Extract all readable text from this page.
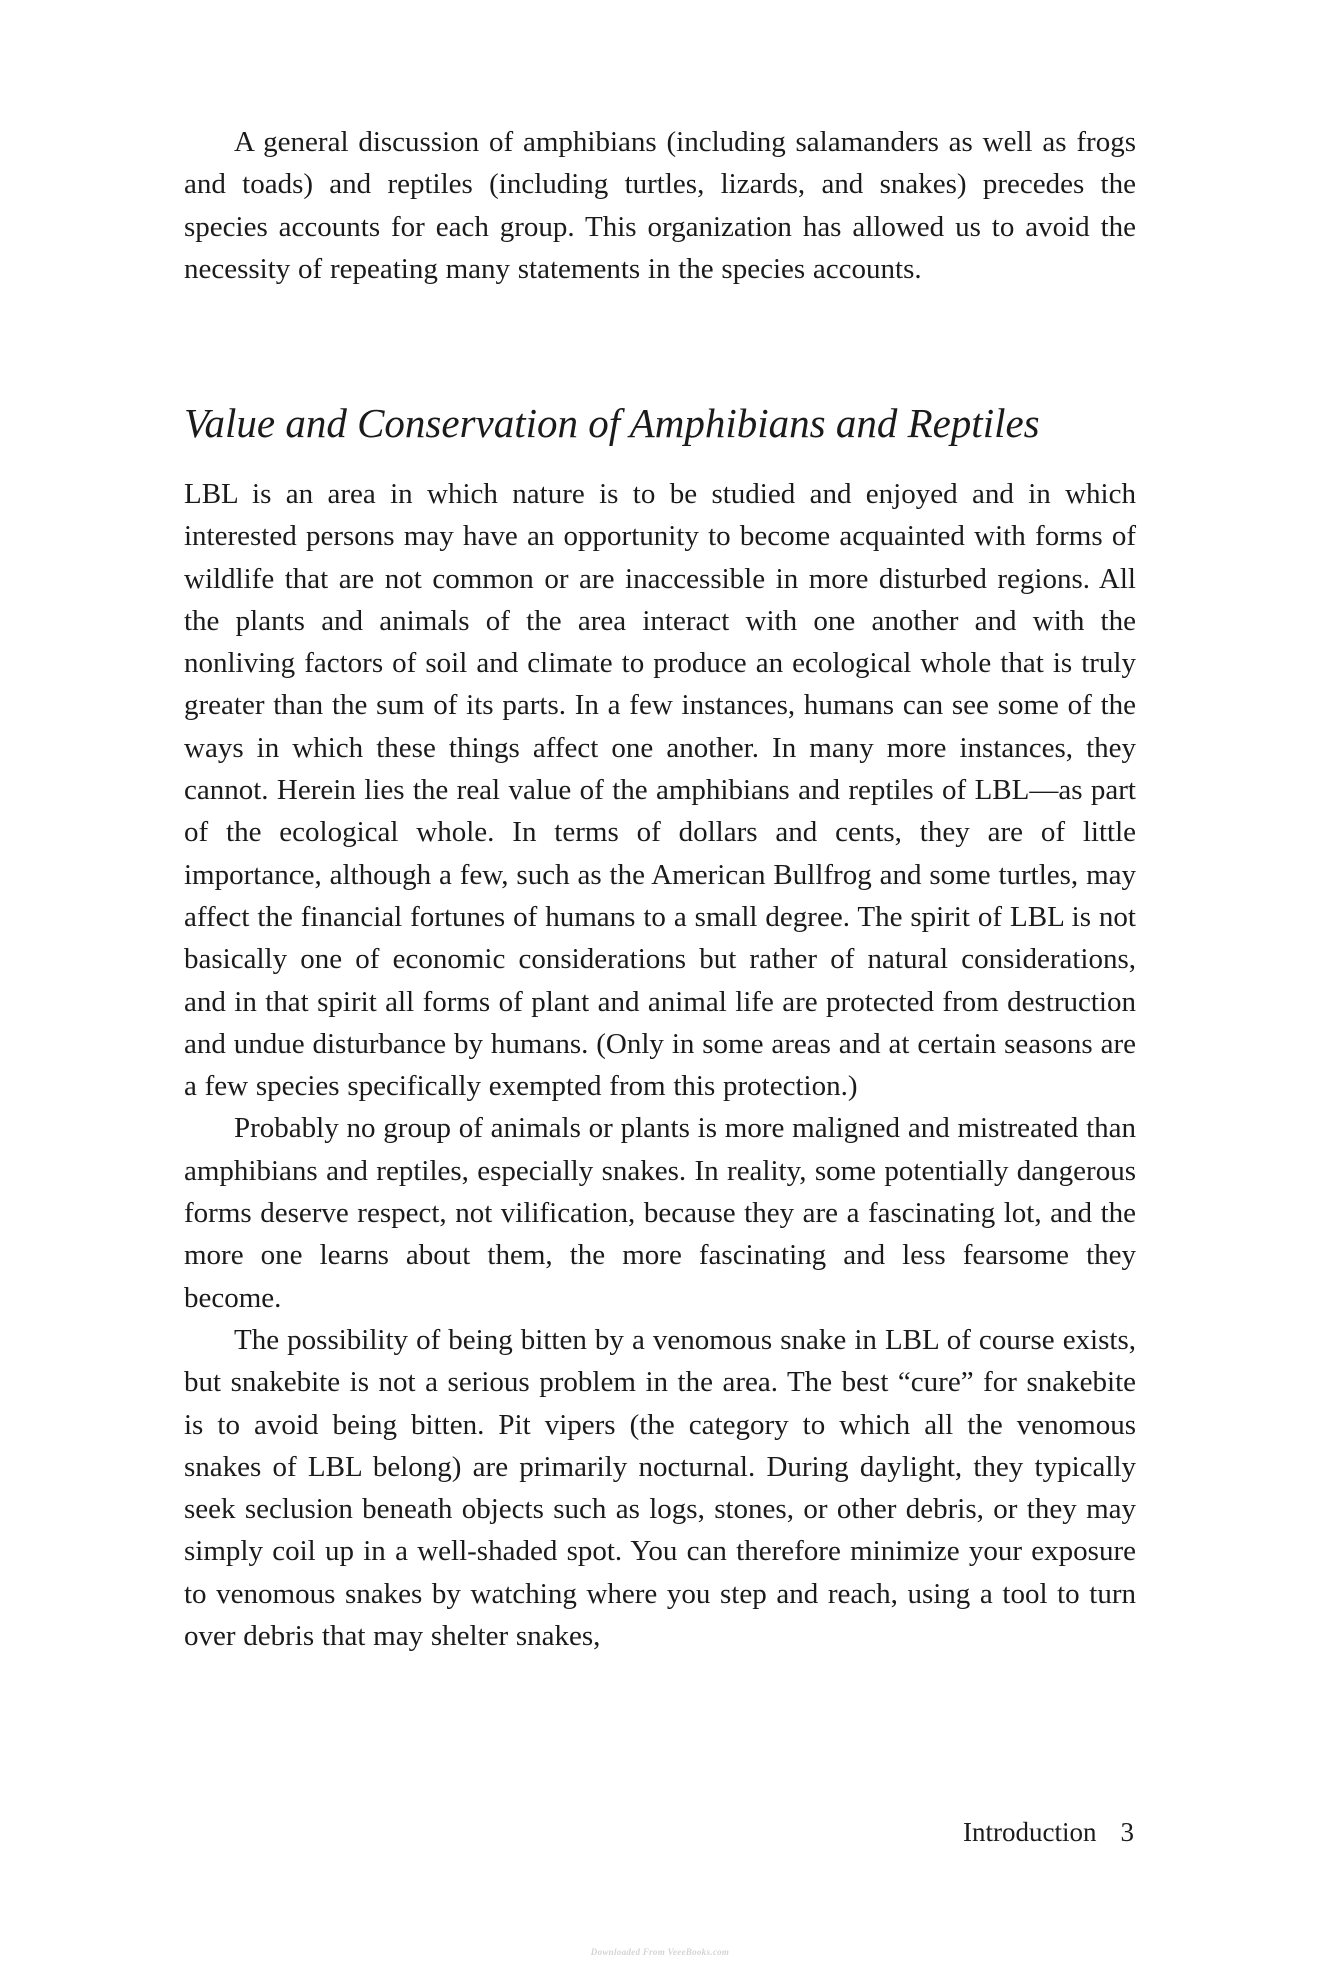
A general discussion of amphibians (including salamanders as well as frogs and toads) and reptiles (including turtles, lizards, and snakes) precedes the species accounts for each group. This organization has allowed us to avoid the necessity of repeating many statements in the species accounts.
Value and Conservation of Amphibians and Reptiles

LBL is an area in which nature is to be studied and enjoyed and in which interested persons may have an opportunity to become acquainted with forms of wildlife that are not common or are inaccessible in more disturbed regions. All the plants and animals of the area interact with one another and with the nonliving factors of soil and climate to produce an ecological whole that is truly greater than the sum of its parts. In a few instances, humans can see some of the ways in which these things affect one another. In many more instances, they cannot. Herein lies the real value of the amphibians and reptiles of LBL—as part of the ecological whole. In terms of dollars and cents, they are of little importance, although a few, such as the American Bullfrog and some turtles, may affect the financial fortunes of humans to a small degree. The spirit of LBL is not basically one of economic considerations but rather of natural considerations, and in that spirit all forms of plant and animal life are protected from destruction and undue disturbance by humans. (Only in some areas and at certain seasons are a few species specifically exempted from this protection.)

Probably no group of animals or plants is more maligned and mistreated than amphibians and reptiles, especially snakes. In reality, some potentially dangerous forms deserve respect, not vilification, because they are a fascinating lot, and the more one learns about them, the more fascinating and less fearsome they become.

The possibility of being bitten by a venomous snake in LBL of course exists, but snakebite is not a serious problem in the area. The best “cure” for snakebite is to avoid being bitten. Pit vipers (the category to which all the venomous snakes of LBL belong) are primarily nocturnal. During daylight, they typically seek seclusion beneath objects such as logs, stones, or other debris, or they may simply coil up in a well-shaded spot. You can therefore minimize your exposure to venomous snakes by watching where you step and reach, using a tool to turn over debris that may shelter snakes,

Introduction 3
Downloaded From VeeeBooks.com
